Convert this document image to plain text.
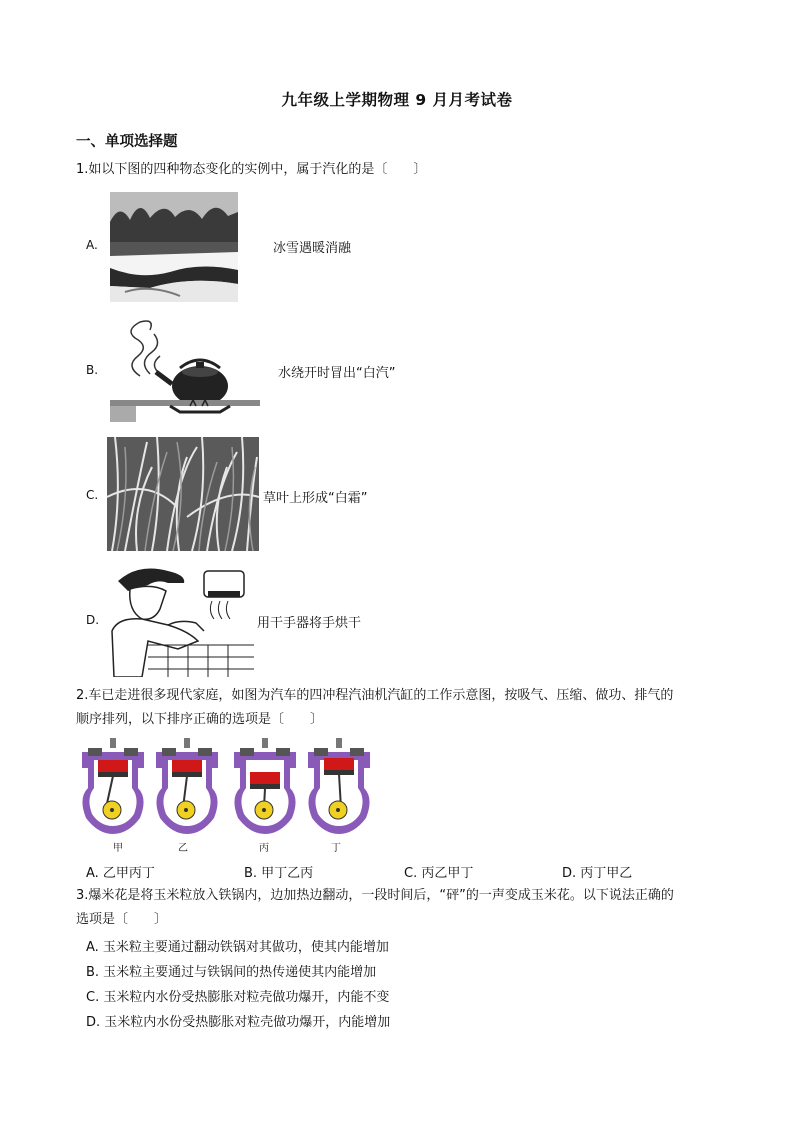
九年级上学期物理 9 月月考试卷
一、单项选择题
1.如以下图的四种物态变化的实例中，属于汽化的是〔　　〕
A.	冰雪遇暖消融
B.	水绕开时冒出“白汽”
C.	草叶上形成“白霜”
D.	用干手器将手烘干
2.车已走进很多现代家庭，如图为汽车的四冲程汽油机汽缸的工作示意图，按吸气、压缩、做功、排气的
顺序排列，以下排序正确的选项是〔　　〕
甲	乙	丙	丁
A. 乙甲丙丁	B. 甲丁乙丙	C. 丙乙甲丁	D. 丙丁甲乙
3.爆米花是将玉米粒放入铁锅内，边加热边翻动，一段时间后，“砰”的一声变成玉米花。以下说法正确的
选项是〔　　〕
A. 玉米粒主要通过翻动铁锅对其做功，使其内能增加
B. 玉米粒主要通过与铁锅间的热传递使其内能增加
C. 玉米粒内水份受热膨胀对粒壳做功爆开，内能不变
D. 玉米粒内水份受热膨胀对粒壳做功爆开，内能增加
